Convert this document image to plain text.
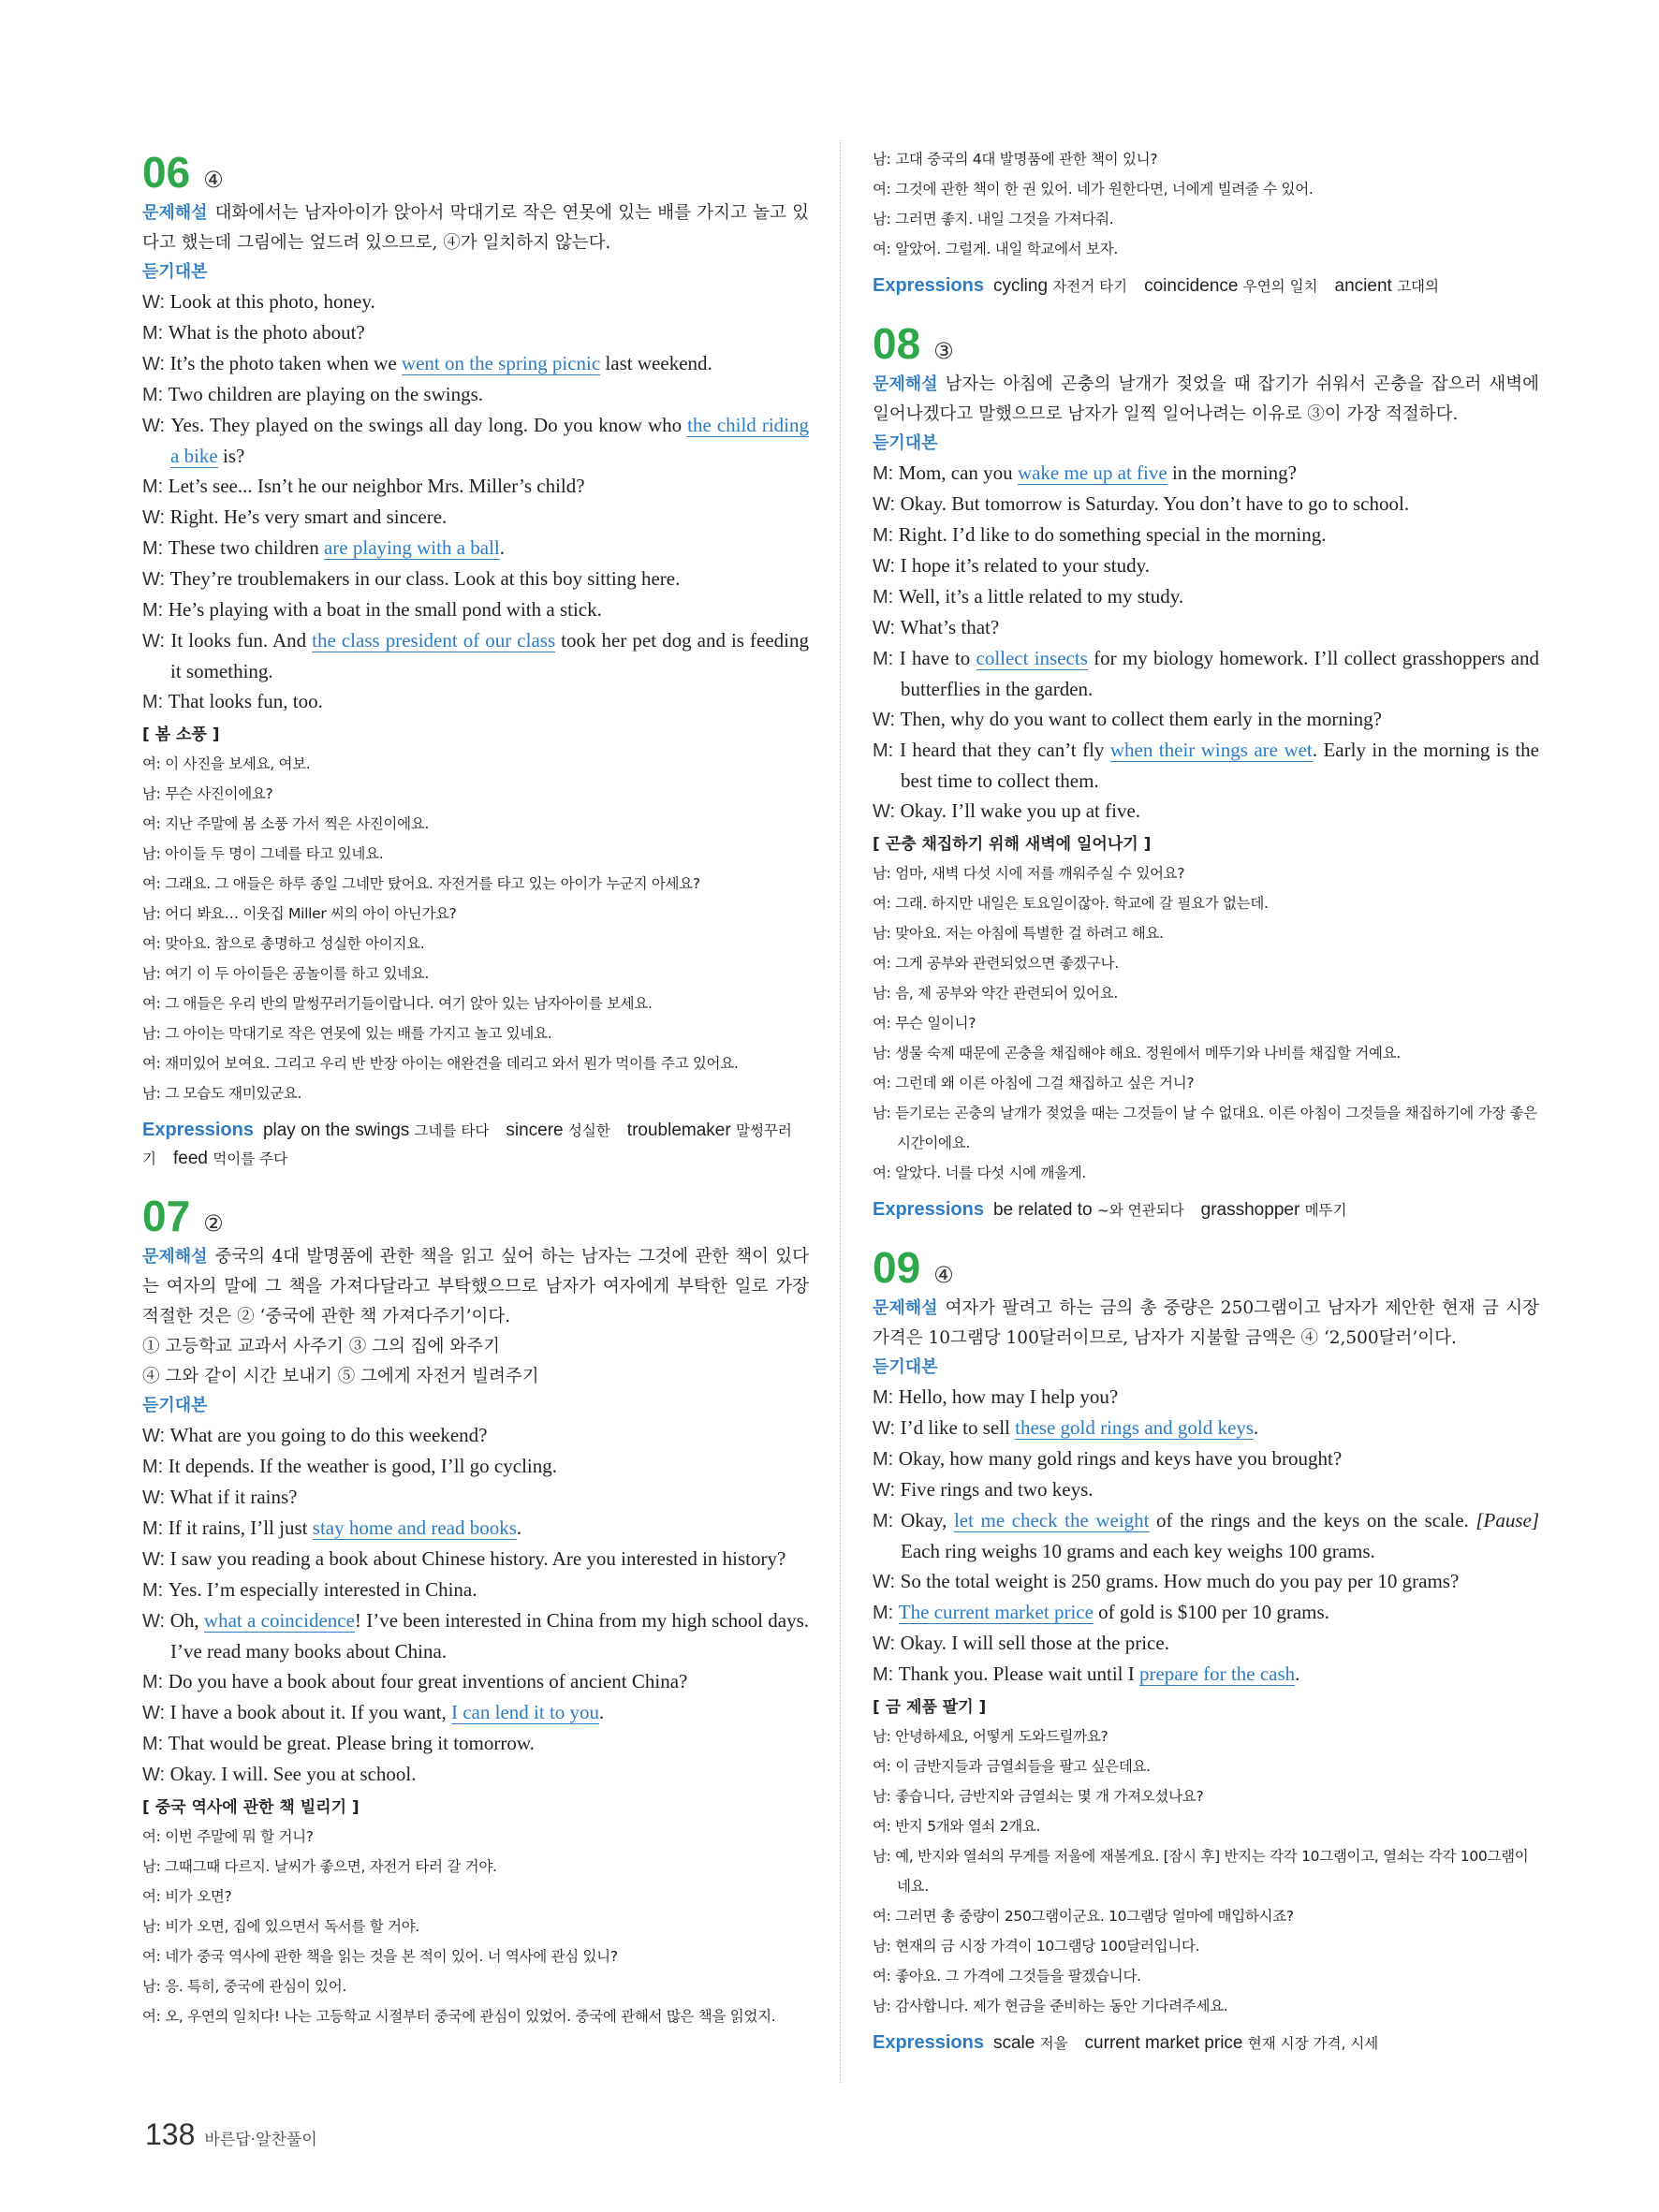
06 ④
문제해설 대화에서는 남자아이가 앉아서 막대기로 작은 연못에 있는 배를 가지고 놀고 있다고 했는데 그림에는 엎드려 있으므로, ④가 일치하지 않는다.
듣기대본
W: Look at this photo, honey.
M: What is the photo about?
W: It’s the photo taken when we went on the spring picnic last weekend.
M: Two children are playing on the swings.
W: Yes. They played on the swings all day long. Do you know who the child riding a bike is?
M: Let’s see... Isn’t he our neighbor Mrs. Miller’s child?
W: Right. He’s very smart and sincere.
M: These two children are playing with a ball.
W: They’re troublemakers in our class. Look at this boy sitting here.
M: He’s playing with a boat in the small pond with a stick.
W: It looks fun. And the class president of our class took her pet dog and is feeding it something.
M: That looks fun, too.
[ 봄 소풍 ]
여: 이 사진을 보세요, 여보.
남: 무슨 사진이에요?
여: 지난 주말에 봄 소풍 가서 찍은 사진이에요.
남: 아이들 두 명이 그네를 타고 있네요.
여: 그래요. 그 애들은 하루 종일 그네만 탔어요. 자전거를 타고 있는 아이가 누군지 아세요?
남: 어디 봐요… 이웃집 Miller 씨의 아이 아닌가요?
여: 맞아요. 참으로 총명하고 성실한 아이지요.
남: 여기 이 두 아이들은 공놀이를 하고 있네요.
여: 그 애들은 우리 반의 말썽꾸러기들이랍니다. 여기 앉아 있는 남자아이를 보세요.
남: 그 아이는 막대기로 작은 연못에 있는 배를 가지고 놀고 있네요.
여: 재미있어 보여요. 그리고 우리 반 반장 아이는 애완견을 데리고 와서 뭔가 먹이를 주고 있어요.
남: 그 모습도 재미있군요.
Expressions play on the swings 그네를 타다 sincere 성실한 troublemaker 말썽꾸러기 feed 먹이를 주다
07 ②
문제해설 중국의 4대 발명품에 관한 책을 읽고 싶어 하는 남자는 그것에 관한 책이 있다는 여자의 말에 그 책을 가져다달라고 부탁했으므로 남자가 여자에게 부탁한 일로 가장 적절한 것은 ② ‘중국에 관한 책 가져다주기’이다.
① 고등학교 교과서 사주기 ③ 그의 집에 와주기
④ 그와 같이 시간 보내기 ⑤ 그에게 자전거 빌려주기
듣기대본
W: What are you going to do this weekend?
M: It depends. If the weather is good, I’ll go cycling.
W: What if it rains?
M: If it rains, I’ll just stay home and read books.
W: I saw you reading a book about Chinese history. Are you interested in history?
M: Yes. I’m especially interested in China.
W: Oh, what a coincidence! I’ve been interested in China from my high school days. I’ve read many books about China.
M: Do you have a book about four great inventions of ancient China?
W: I have a book about it. If you want, I can lend it to you.
M: That would be great. Please bring it tomorrow.
W: Okay. I will. See you at school.
[ 중국 역사에 관한 책 빌리기 ]
여: 이번 주말에 뭐 할 거니?
남: 그때그때 다르지. 날씨가 좋으면, 자전거 타러 갈 거야.
여: 비가 오면?
남: 비가 오면, 집에 있으면서 독서를 할 거야.
여: 네가 중국 역사에 관한 책을 읽는 것을 본 적이 있어. 너 역사에 관심 있니?
남: 응. 특히, 중국에 관심이 있어.
여: 오, 우연의 일치다! 나는 고등학교 시절부터 중국에 관심이 있었어. 중국에 관해서 많은 책을 읽었지.
남: 고대 중국의 4대 발명품에 관한 책이 있니?
여: 그것에 관한 책이 한 권 있어. 네가 원한다면, 너에게 빌려줄 수 있어.
남: 그러면 좋지. 내일 그것을 가져다줘.
여: 알았어. 그럴게. 내일 학교에서 보자.
Expressions cycling 자전거 타기 coincidence 우연의 일치 ancient 고대의
08 ③
문제해설 남자는 아침에 곤충의 날개가 젖었을 때 잡기가 쉬워서 곤충을 잡으러 새벽에 일어나겠다고 말했으므로 남자가 일찍 일어나려는 이유로 ③이 가장 적절하다.
듣기대본
M: Mom, can you wake me up at five in the morning?
W: Okay. But tomorrow is Saturday. You don’t have to go to school.
M: Right. I’d like to do something special in the morning.
W: I hope it’s related to your study.
M: Well, it’s a little related to my study.
W: What’s that?
M: I have to collect insects for my biology homework. I’ll collect grasshoppers and butterflies in the garden.
W: Then, why do you want to collect them early in the morning?
M: I heard that they can’t fly when their wings are wet. Early in the morning is the best time to collect them.
W: Okay. I’ll wake you up at five.
[ 곤충 채집하기 위해 새벽에 일어나기 ]
남: 엄마, 새벽 다섯 시에 저를 깨워주실 수 있어요?
여: 그래. 하지만 내일은 토요일이잖아. 학교에 갈 필요가 없는데.
남: 맞아요. 저는 아침에 특별한 걸 하려고 해요.
여: 그게 공부와 관련되었으면 좋겠구나.
남: 음, 제 공부와 약간 관련되어 있어요.
여: 무슨 일이니?
남: 생물 숙제 때문에 곤충을 채집해야 해요. 정원에서 메뚜기와 나비를 채집할 거예요.
여: 그런데 왜 이른 아침에 그걸 채집하고 싶은 거니?
남: 듣기로는 곤충의 날개가 젖었을 때는 그것들이 날 수 없대요. 이른 아침이 그것들을 채집하기에 가장 좋은 시간이에요.
여: 알았다. 너를 다섯 시에 깨울게.
Expressions be related to ~와 연관되다 grasshopper 메뚜기
09 ④
문제해설 여자가 팔려고 하는 금의 총 중량은 250그램이고 남자가 제안한 현재 금 시장 가격은 10그램당 100달러이므로, 남자가 지불할 금액은 ④ ‘2,500달러’이다.
듣기대본
M: Hello, how may I help you?
W: I’d like to sell these gold rings and gold keys.
M: Okay, how many gold rings and keys have you brought?
W: Five rings and two keys.
M: Okay, let me check the weight of the rings and the keys on the scale. [Pause] Each ring weighs 10 grams and each key weighs 100 grams.
W: So the total weight is 250 grams. How much do you pay per 10 grams?
M: The current market price of gold is $100 per 10 grams.
W: Okay. I will sell those at the price.
M: Thank you. Please wait until I prepare for the cash.
[ 금 제품 팔기 ]
남: 안녕하세요, 어떻게 도와드릴까요?
여: 이 금반지들과 금열쇠들을 팔고 싶은데요.
남: 좋습니다, 금반지와 금열쇠는 몇 개 가져오셨나요?
여: 반지 5개와 열쇠 2개요.
남: 예, 반지와 열쇠의 무게를 저울에 재볼게요. [잠시 후] 반지는 각각 10그램이고, 열쇠는 각각 100그램이네요.
여: 그러면 총 중량이 250그램이군요. 10그램당 얼마에 매입하시죠?
남: 현재의 금 시장 가격이 10그램당 100달러입니다.
여: 좋아요. 그 가격에 그것들을 팔겠습니다.
남: 감사합니다. 제가 현금을 준비하는 동안 기다려주세요.
Expressions scale 저울 current market price 현재 시장 가격, 시세
138 바른답·알찬풀이
